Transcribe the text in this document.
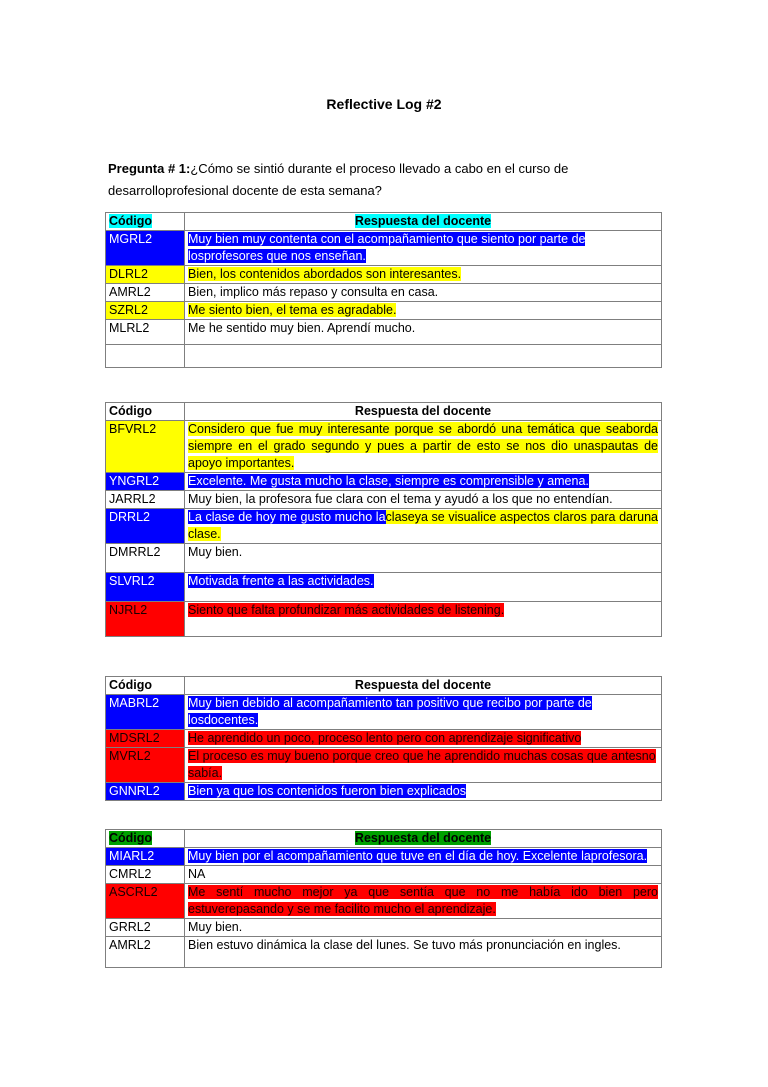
Reflective Log #2
Pregunta # 1:¿Cómo se sintió durante el proceso llevado a cabo en el curso de desarrolloprofesional docente de esta semana?
Código	Respuesta del docente
MGRL2	Muy bien muy contenta con el acompañamiento que siento por parte de losprofesores que nos enseñan.
DLRL2	Bien, los contenidos abordados son interesantes.
AMRL2	Bien, implico más repaso y consulta en casa.
SZRL2	Me siento bien, el tema es agradable.
MLRL2	Me he sentido muy bien. Aprendí mucho.

Código	Respuesta del docente
BFVRL2	Considero que fue muy interesante porque se abordó una temática que seaborda siempre en el grado segundo y pues a partir de esto se nos dio unaspautas de apoyo importantes.
YNGRL2	Excelente. Me gusta mucho la clase, siempre es comprensible y amena.
JARRL2	Muy bien, la profesora fue clara con el tema y ayudó a los que no entendían.
DRRL2	La clase de hoy me gusto mucho laclaseya se visualice aspectos claros para daruna clase.
DMRRL2	Muy bien.
SLVRL2	Motivada frente a las actividades.
NJRL2	Siento que falta profundizar más actividades de listening.
Código	Respuesta del docente
MABRL2	Muy bien debido al acompañamiento tan positivo que recibo por parte de losdocentes.
MDSRL2	He aprendido un poco, proceso lento pero con aprendizaje significativo
MVRL2	El proceso es muy bueno porque creo que he aprendido muchas cosas que antesno sabía.
GNNRL2	Bien ya que los contenidos fueron bien explicados
Código	Respuesta del docente
MIARL2	Muy bien por el acompañamiento que tuve en el día de hoy. Excelente laprofesora.
CMRL2	NA
ASCRL2	Me sentí mucho mejor ya que sentía que no me había ido bien pero estuverepasando y se me facilito mucho el aprendizaje.
GRRL2	Muy bien.
AMRL2	Bien estuvo dinámica la clase del lunes. Se tuvo más pronunciación en ingles.
